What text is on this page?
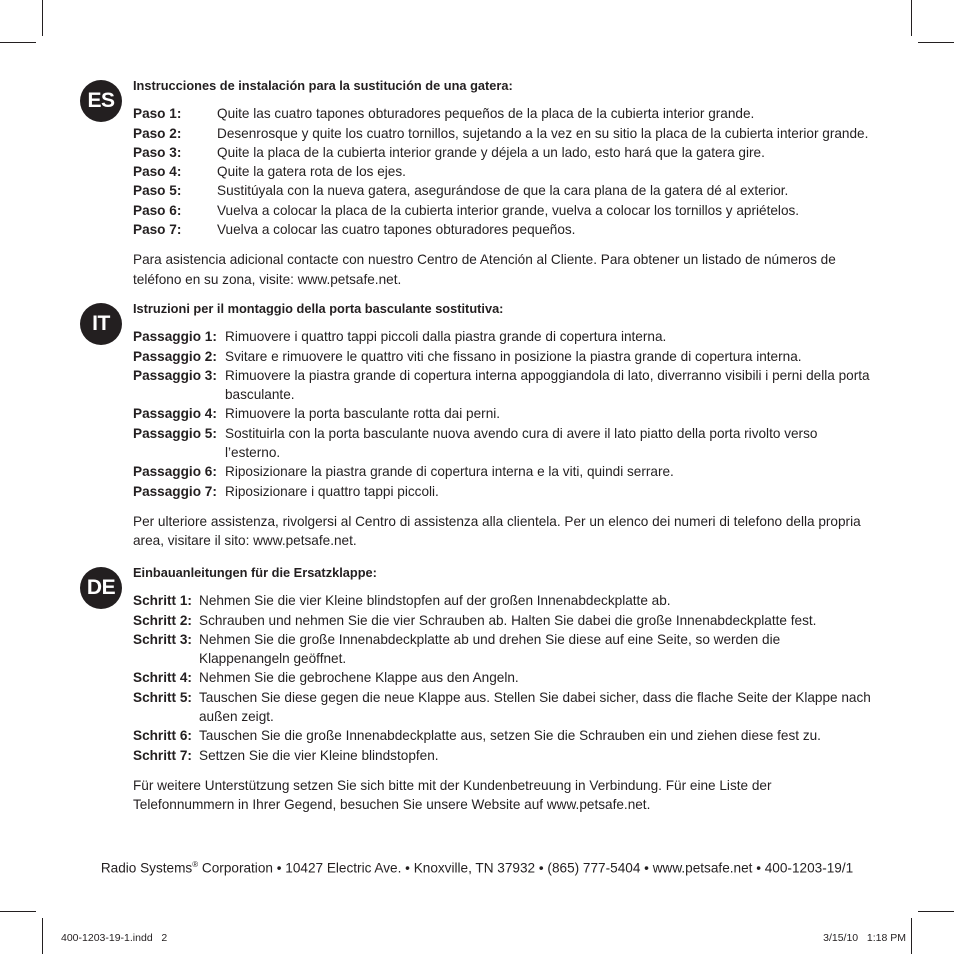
ES
Instrucciones de instalación para la sustitución de una gatera:
Paso 1:	Quite las cuatro tapones obturadores pequeños de la placa de la cubierta interior grande.
Paso 2:	Desenrosque y quite los cuatro tornillos, sujetando a la vez en su sitio la placa de la cubierta interior grande.
Paso 3:	Quite la placa de la cubierta interior grande y déjela a un lado, esto hará que la gatera gire.
Paso 4:	Quite la gatera rota de los ejes.
Paso 5:	Sustitúyala con la nueva gatera, asegurándose de que la cara plana de la gatera dé al exterior.
Paso 6:	Vuelva a colocar la placa de la cubierta interior grande, vuelva a colocar los tornillos y apriételos.
Paso 7:	Vuelva a colocar las cuatro tapones obturadores pequeños.
Para asistencia adicional contacte con nuestro Centro de Atención al Cliente. Para obtener un listado de números de teléfono en su zona, visite: www.petsafe.net.
IT
Istruzioni per il montaggio della porta basculante sostitutiva:
Passaggio 1: Rimuovere i quattro tappi piccoli dalla piastra grande di copertura interna.
Passaggio 2: Svitare e rimuovere le quattro viti che fissano in posizione la piastra grande di copertura interna.
Passaggio 3: Rimuovere la piastra grande di copertura interna appoggiandola di lato, diverranno visibili i perni della porta basculante.
Passaggio 4: Rimuovere la porta basculante rotta dai perni.
Passaggio 5: Sostituirla con la porta basculante nuova avendo cura di avere il lato piatto della porta rivolto verso l’esterno.
Passaggio 6: Riposizionare la piastra grande di copertura interna e la viti, quindi serrare.
Passaggio 7: Riposizionare i quattro tappi piccoli.
Per ulteriore assistenza, rivolgersi al Centro di assistenza alla clientela. Per un elenco dei numeri di telefono della propria area, visitare il sito: www.petsafe.net.
DE
Einbauanleitungen für die Ersatzklappe:
Schritt 1: Nehmen Sie die vier Kleine blindstopfen auf der großen Innenabdeckplatte ab.
Schritt 2: Schrauben und nehmen Sie die vier Schrauben ab. Halten Sie dabei die große Innenabdeckplatte fest.
Schritt 3: Nehmen Sie die große Innenabdeckplatte ab und drehen Sie diese auf eine Seite, so werden die Klappenangeln geöffnet.
Schritt 4: Nehmen Sie die gebrochene Klappe aus den Angeln.
Schritt 5: Tauschen Sie diese gegen die neue Klappe aus. Stellen Sie dabei sicher, dass die flache Seite der Klappe nach außen zeigt.
Schritt 6: Tauschen Sie die große Innenabdeckplatte aus, setzen Sie die Schrauben ein und ziehen diese fest zu.
Schritt 7: Settzen Sie die vier Kleine blindstopfen.
Für weitere Unterstützung setzen Sie sich bitte mit der Kundenbetreuung in Verbindung. Für eine Liste der Telefonnummern in Ihrer Gegend, besuchen Sie unsere Website auf www.petsafe.net.
Radio Systems® Corporation • 10427 Electric Ave. • Knoxville, TN 37932 • (865) 777-5404 • www.petsafe.net • 400-1203-19/1
400-1203-19-1.indd   2	3/15/10   1:18 PM
